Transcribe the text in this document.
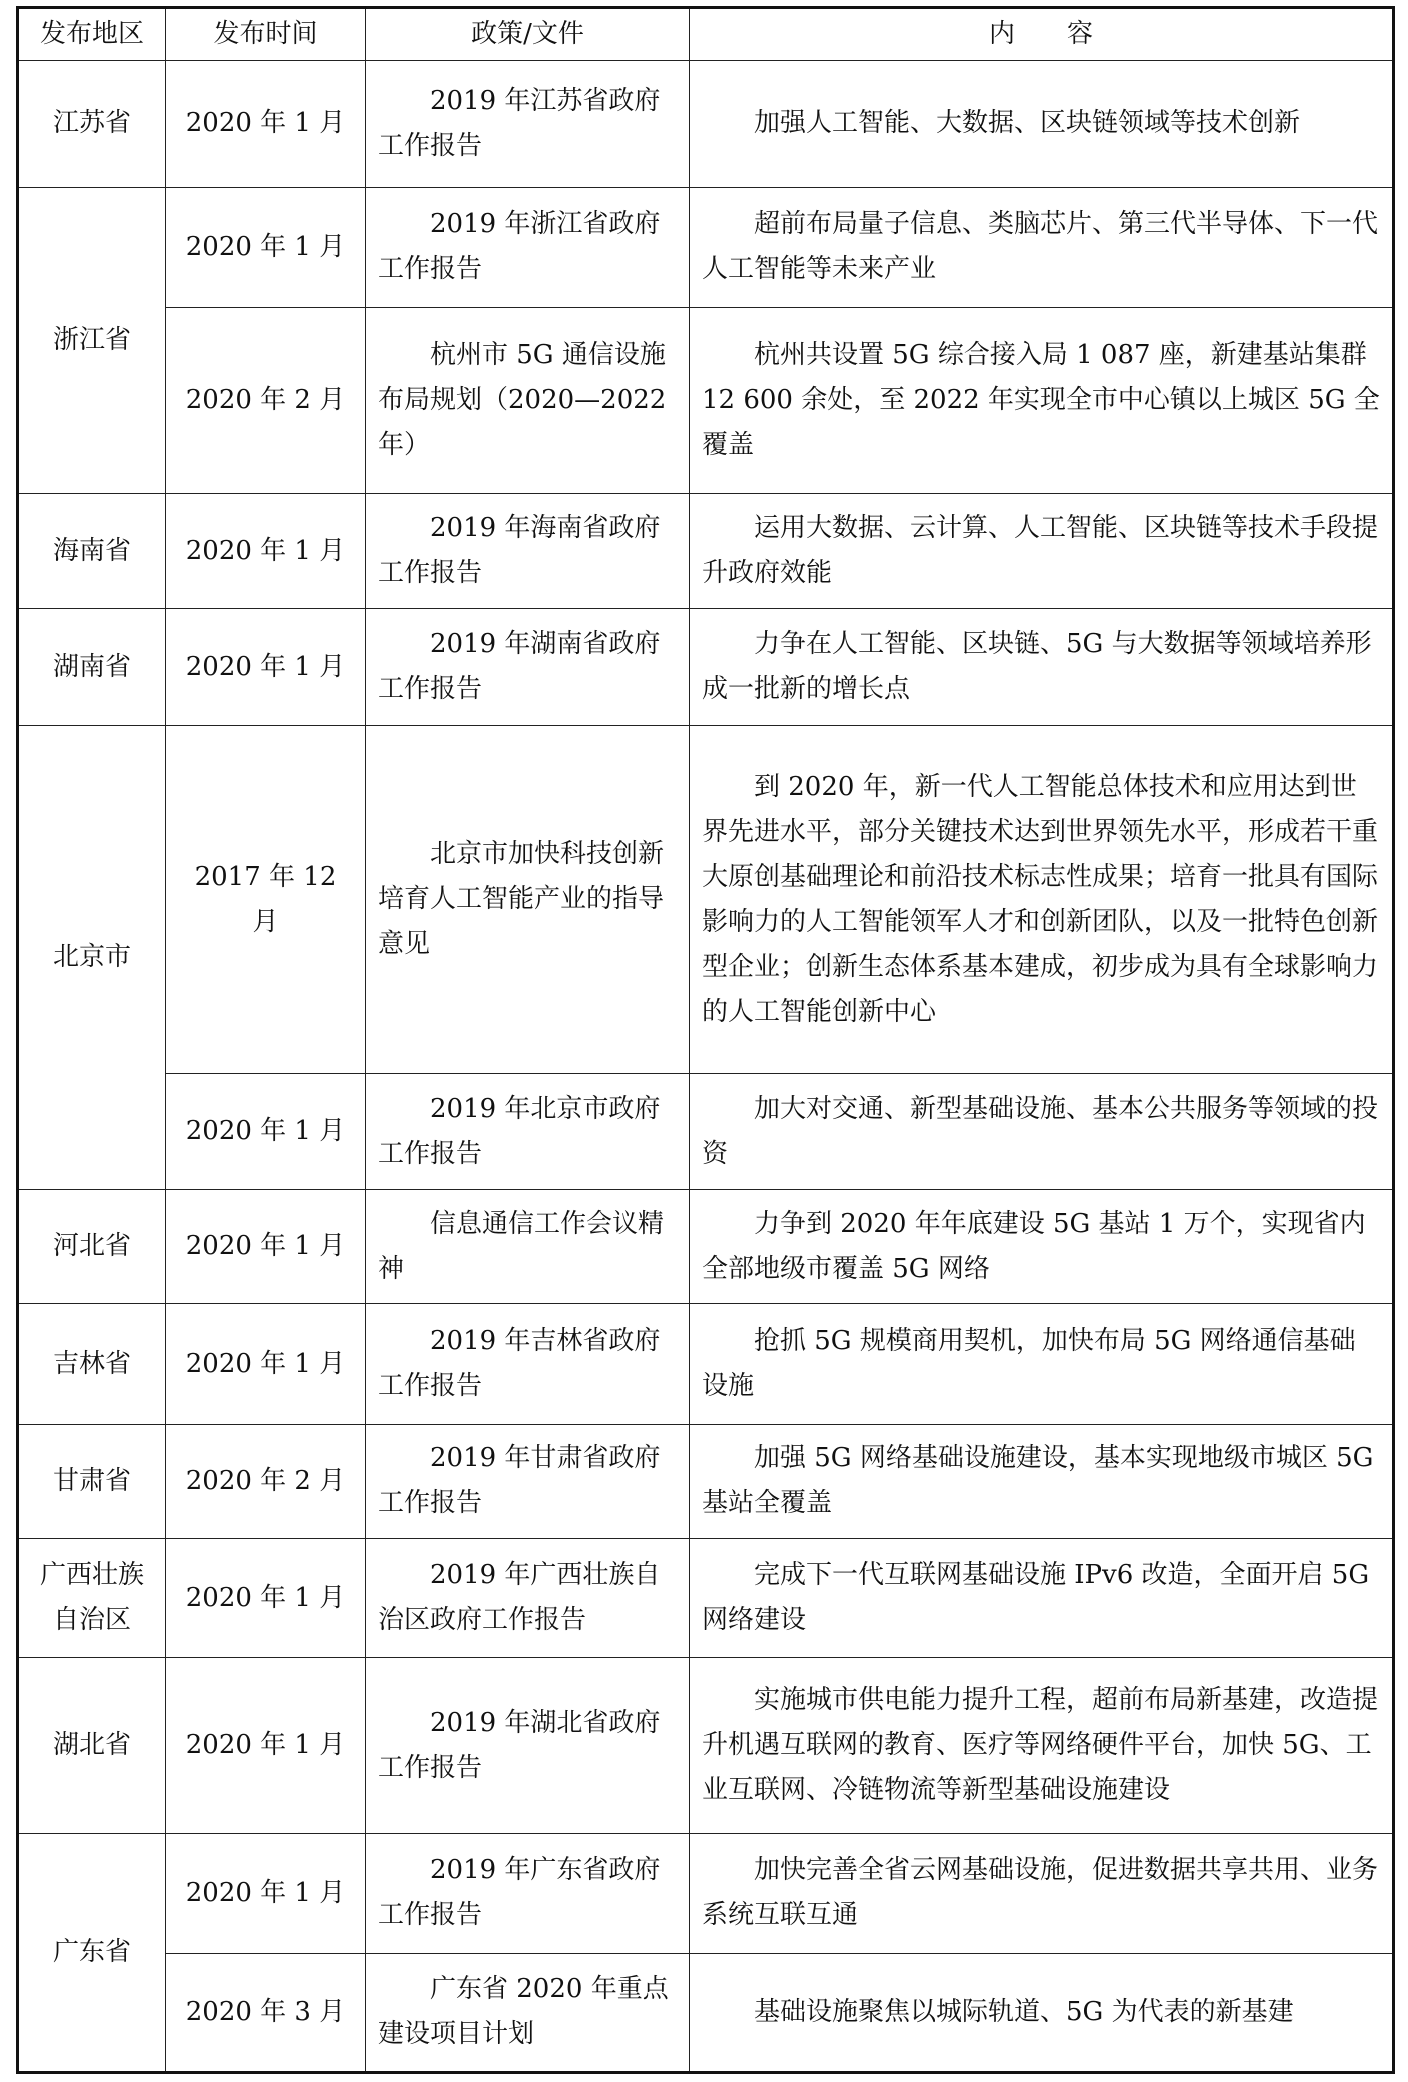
发布地区	发布时间	政策/文件	内　　容
江苏省	2020 年 1 月	2019 年江苏省政府工作报告	加强人工智能、大数据、区块链领域等技术创新
浙江省	2020 年 1 月	2019 年浙江省政府工作报告	超前布局量子信息、类脑芯片、第三代半导体、下一代人工智能等未来产业
	2020 年 2 月	杭州市 5G 通信设施布局规划（2020—2022 年）	杭州共设置 5G 综合接入局 1 087 座，新建基站集群 12 600 余处，至 2022 年实现全市中心镇以上城区 5G 全覆盖
海南省	2020 年 1 月	2019 年海南省政府工作报告	运用大数据、云计算、人工智能、区块链等技术手段提升政府效能
湖南省	2020 年 1 月	2019 年湖南省政府工作报告	力争在人工智能、区块链、5G 与大数据等领域培养形成一批新的增长点
北京市	2017 年 12 月	北京市加快科技创新培育人工智能产业的指导意见	到 2020 年，新一代人工智能总体技术和应用达到世界先进水平，部分关键技术达到世界领先水平，形成若干重大原创基础理论和前沿技术标志性成果；培育一批具有国际影响力的人工智能领军人才和创新团队，以及一批特色创新型企业；创新生态体系基本建成，初步成为具有全球影响力的人工智能创新中心
	2020 年 1 月	2019 年北京市政府工作报告	加大对交通、新型基础设施、基本公共服务等领域的投资
河北省	2020 年 1 月	信息通信工作会议精神	力争到 2020 年年底建设 5G 基站 1 万个，实现省内全部地级市覆盖 5G 网络
吉林省	2020 年 1 月	2019 年吉林省政府工作报告	抢抓 5G 规模商用契机，加快布局 5G 网络通信基础设施
甘肃省	2020 年 2 月	2019 年甘肃省政府工作报告	加强 5G 网络基础设施建设，基本实现地级市城区 5G 基站全覆盖
广西壮族自治区	2020 年 1 月	2019 年广西壮族自治区政府工作报告	完成下一代互联网基础设施 IPv6 改造，全面开启 5G 网络建设
湖北省	2020 年 1 月	2019 年湖北省政府工作报告	实施城市供电能力提升工程，超前布局新基建，改造提升机遇互联网的教育、医疗等网络硬件平台，加快 5G、工业互联网、冷链物流等新型基础设施建设
广东省	2020 年 1 月	2019 年广东省政府工作报告	加快完善全省云网基础设施，促进数据共享共用、业务系统互联互通
	2020 年 3 月	广东省 2020 年重点建设项目计划	基础设施聚焦以城际轨道、5G 为代表的新基建
